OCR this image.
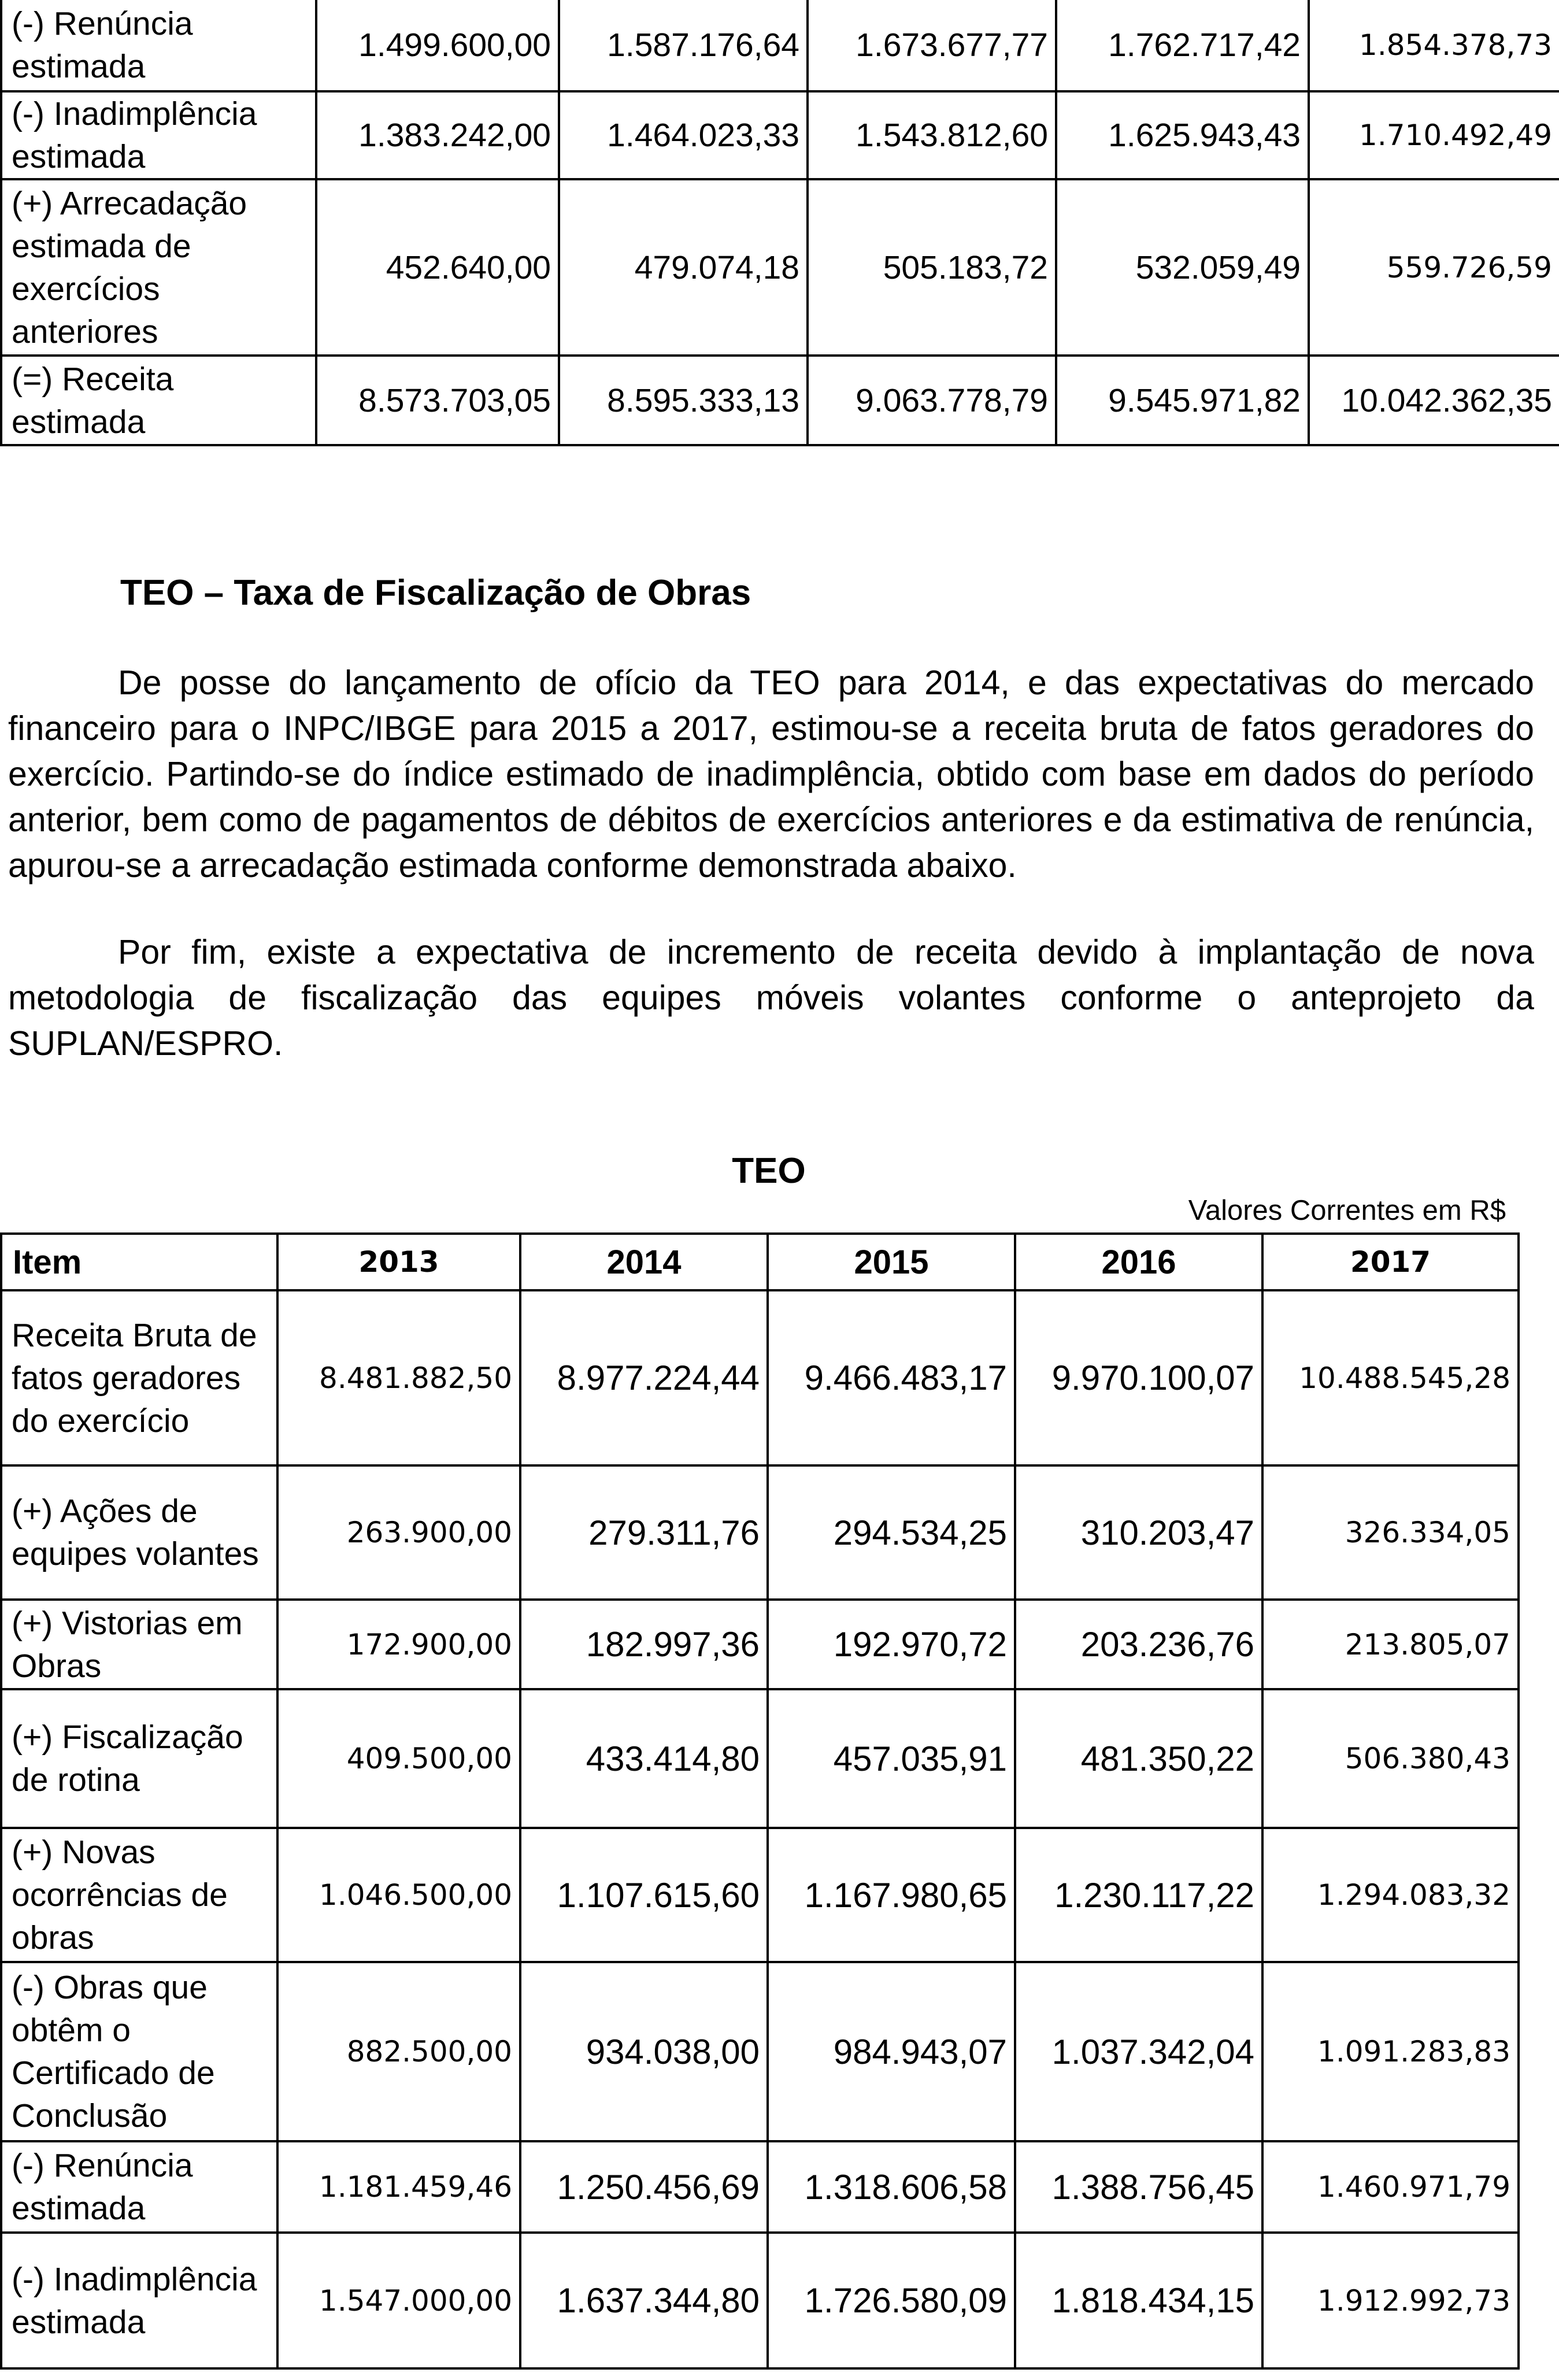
(-) Renúncia estimada	1.499.600,00	1.587.176,64	1.673.677,77	1.762.717,42	1.854.378,73
(-) Inadimplência estimada	1.383.242,00	1.464.023,33	1.543.812,60	1.625.943,43	1.710.492,49
(+) Arrecadação estimada de exercícios anteriores	452.640,00	479.074,18	505.183,72	532.059,49	559.726,59
(=) Receita estimada	8.573.703,05	8.595.333,13	9.063.778,79	9.545.971,82	10.042.362,35
TEO – Taxa de Fiscalização de Obras

De posse do lançamento de ofício da TEO para 2014, e das expectativas do mercado financeiro para o INPC/IBGE para 2015 a 2017, estimou-se a receita bruta de fatos geradores do exercício. Partindo-se do índice estimado de inadimplência, obtido com base em dados do período anterior, bem como de pagamentos de débitos de exercícios anteriores e da estimativa de renúncia, apurou-se a arrecadação estimada conforme demonstrada abaixo.

Por fim, existe a expectativa de incremento de receita devido à implantação de nova metodologia de fiscalização das equipes móveis volantes conforme o anteprojeto da SUPLAN/ESPRO.

TEO

Valores Correntes em R$

Item	2013	2014	2015	2016	2017
Receita Bruta de fatos geradores do exercício	8.481.882,50	8.977.224,44	9.466.483,17	9.970.100,07	10.488.545,28
(+) Ações de equipes volantes	263.900,00	279.311,76	294.534,25	310.203,47	326.334,05
(+) Vistorias em Obras	172.900,00	182.997,36	192.970,72	203.236,76	213.805,07
(+) Fiscalização de rotina	409.500,00	433.414,80	457.035,91	481.350,22	506.380,43
(+) Novas ocorrências de obras	1.046.500,00	1.107.615,60	1.167.980,65	1.230.117,22	1.294.083,32
(-) Obras que obtêm o Certificado de Conclusão	882.500,00	934.038,00	984.943,07	1.037.342,04	1.091.283,83
(-) Renúncia estimada	1.181.459,46	1.250.456,69	1.318.606,58	1.388.756,45	1.460.971,79
(-) Inadimplência estimada	1.547.000,00	1.637.344,80	1.726.580,09	1.818.434,15	1.912.992,73
